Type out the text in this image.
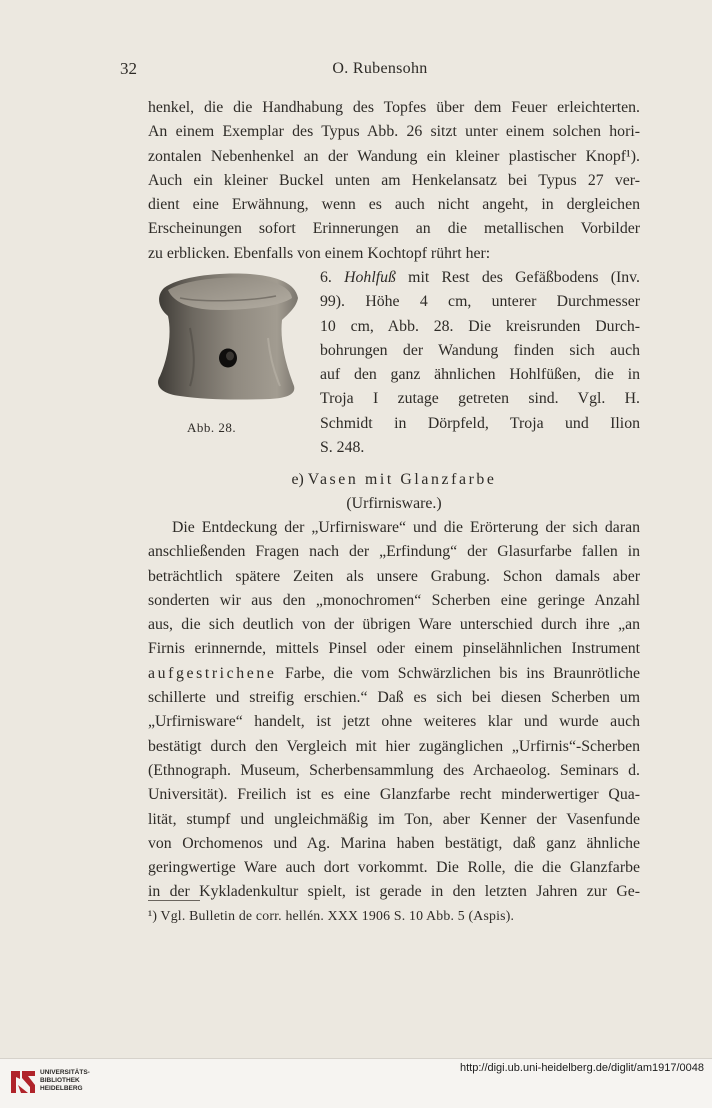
32	O. Rubensohn
henkel, die die Handhabung des Topfes über dem Feuer erleichterten.
An einem Exemplar des Typus Abb. 26 sitzt unter einem solchen hori-
zontalen Nebenhenkel an der Wandung ein kleiner plastischer Knopf¹).
Auch ein kleiner Buckel unten am Henkelansatz bei Typus 27 ver-
dient eine Erwähnung, wenn es auch nicht angeht, in dergleichen
Erscheinungen sofort Erinnerungen an die metallischen Vorbilder
zu erblicken. Ebenfalls von einem Kochtopf rührt her:
Abb. 28.
6. Hohlfuß mit Rest des Gefäßbodens (Inv.
99). Höhe 4 cm, unterer Durchmesser
10 cm, Abb. 28. Die kreisrunden Durch-
bohrungen der Wandung finden sich auch
auf den ganz ähnlichen Hohlfüßen, die in
Troja I zutage getreten sind. Vgl. H.
Schmidt in Dörpfeld, Troja und Ilion
S. 248.
e) Vasen mit Glanzfarbe
(Urfirnisware.)
Die Entdeckung der „Urfirnisware“ und die Erörterung der sich daran
anschließenden Fragen nach der „Erfindung“ der Glasurfarbe fallen in
beträchtlich spätere Zeiten als unsere Grabung. Schon damals aber
sonderten wir aus den „monochromen“ Scherben eine geringe Anzahl
aus, die sich deutlich von der übrigen Ware unterschied durch ihre „an
Firnis erinnernde, mittels Pinsel oder einem pinselähnlichen Instrument
aufgestrichene Farbe, die vom Schwärzlichen bis ins Braunrötliche
schillerte und streifig erschien.“ Daß es sich bei diesen Scherben um
„Urfirnisware“ handelt, ist jetzt ohne weiteres klar und wurde auch
bestätigt durch den Vergleich mit hier zugänglichen „Urfirnis“-Scherben
(Ethnograph. Museum, Scherbensammlung des Archaeolog. Seminars d.
Universität). Freilich ist es eine Glanzfarbe recht minderwertiger Qua-
lität, stumpf und ungleichmäßig im Ton, aber Kenner der Vasenfunde
von Orchomenos und Ag. Marina haben bestätigt, daß ganz ähnliche
geringwertige Ware auch dort vorkommt. Die Rolle, die die Glanzfarbe
in der Kykladenkultur spielt, ist gerade in den letzten Jahren zur Ge-
¹) Vgl. Bulletin de corr. hellén. XXX 1906 S. 10 Abb. 5 (Aspis).
UNIVERSITÄTS-
BIBLIOTHEK
HEIDELBERG
http://digi.ub.uni-heidelberg.de/diglit/am1917/0048
